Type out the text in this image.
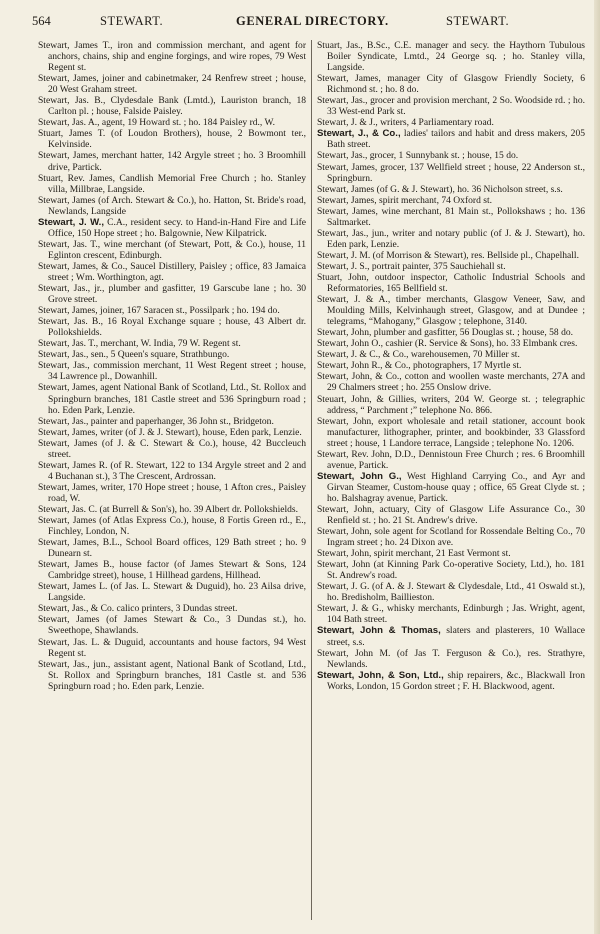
564	STEWART.	GENERAL DIRECTORY.	STEWART.

Stewart, James T., iron and commission merchant, and agent for anchors, chains, ship and engine forgings, and wire ropes, 79 West Regent st.

Stewart, James, joiner and cabinetmaker, 24 Renfrew street ; house, 20 West Graham street.

Stewart, Jas. B., Clydesdale Bank (Lmtd.), Lauriston branch, 18 Carlton pl. ; house, Falside Paisley.

Stewart, Jas. A., agent, 19 Howard st. ; ho. 184 Paisley rd., W.

Stuart, James T. (of Loudon Brothers), house, 2 Bowmont ter., Kelvinside.

Stewart, James, merchant hatter, 142 Argyle street ; ho. 3 Broomhill drive, Partick.

Stuart, Rev. James, Candlish Memorial Free Church ; ho. Stanley villa, Millbrae, Langside.

Stewart, James (of Arch. Stewart & Co.), ho. Hatton, St. Bride's road, Newlands, Langside

Stewart, J. W., C.A., resident secy. to Hand-in-Hand Fire and Life Office, 150 Hope street ; ho. Balgownie, New Kilpatrick.

Stewart, Jas. T., wine merchant (of Stewart, Pott, & Co.), house, 11 Eglinton crescent, Edinburgh.

Stewart, James, & Co., Saucel Distillery, Paisley ; office, 83 Jamaica street ; Wm. Worthington, agt.

Stewart, Jas., jr., plumber and gasfitter, 19 Garscube lane ; ho. 30 Grove street.

Stewart, James, joiner, 167 Saracen st., Possilpark ; ho. 194 do.

Stewart, Jas. B., 16 Royal Exchange square ; house, 43 Albert dr. Pollokshields.

Stewart, Jas. T., merchant, W. India, 79 W. Regent st.

Stewart, Jas., sen., 5 Queen's square, Strathbungo.

Stewart, Jas., commission merchant, 11 West Regent street ; house, 34 Lawrence pl., Dowanhill.

Stewart, James, agent National Bank of Scotland, Ltd., St. Rollox and Springburn branches, 181 Castle street and 536 Springburn road ; ho. Eden Park, Lenzie.

Stewart, Jas., painter and paperhanger, 36 John st., Bridgeton.

Stewart, James, writer (of J. & J. Stewart), house, Eden park, Lenzie.

Stewart, James (of J. & C. Stewart & Co.), house, 42 Buccleuch street.

Stewart, James R. (of R. Stewart, 122 to 134 Argyle street and 2 and 4 Buchanan st.), 3 The Crescent, Ardrossan.

Stewart, James, writer, 170 Hope street ; house, 1 Afton cres., Paisley road, W.

Stewart, Jas. C. (at Burrell & Son's), ho. 39 Albert dr. Pollokshields.

Stewart, James (of Atlas Express Co.), house, 8 Fortis Green rd., E., Finchley, London, N.

Stewart, James, B.L., School Board offices, 129 Bath street ; ho. 9 Dunearn st.

Stewart, James B., house factor (of James Stewart & Sons, 124 Cambridge street), house, 1 Hillhead gardens, Hillhead.

Stewart, James L. (of Jas. L. Stewart & Duguid), ho. 23 Ailsa drive, Langside.

Stewart, Jas., & Co. calico printers, 3 Dundas street.

Stewart, James (of James Stewart & Co., 3 Dundas st.), ho. Sweethope, Shawlands.

Stewart, Jas. L. & Duguid, accountants and house factors, 94 West Regent st.

Stewart, Jas., jun., assistant agent, National Bank of Scotland, Ltd., St. Rollox and Springburn branches, 181 Castle st. and 536 Springburn road ; ho. Eden park, Lenzie.

Stuart, Jas., B.Sc., C.E. manager and secy. the Haythorn Tubulous Boiler Syndicate, Lmtd., 24 George sq. ; ho. Stanley villa, Langside.

Stewart, James, manager City of Glasgow Friendly Society, 6 Richmond st. ; ho. 8 do.

Stewart, Jas., grocer and provision merchant, 2 So. Woodside rd. ; ho. 33 West-end Park st.

Stewart, J. & J., writers, 4 Parliamentary road.

Stewart, J., & Co., ladies' tailors and habit and dress makers, 205 Bath street.

Stewart, Jas., grocer, 1 Sunnybank st. ; house, 15 do.

Stewart, James, grocer, 137 Wellfield street ; house, 22 Anderson st., Springburn.

Stewart, James (of G. & J. Stewart), ho. 36 Nicholson street, s.s.

Stewart, James, spirit merchant, 74 Oxford st.

Stewart, James, wine merchant, 81 Main st., Pollokshaws ; ho. 136 Saltmarket.

Stewart, Jas., jun., writer and notary public (of J. & J. Stewart), ho. Eden park, Lenzie.

Stewart, J. M. (of Morrison & Stewart), res. Bellside pl., Chapelhall.

Stewart, J. S., portrait painter, 375 Sauchiehall st.

Stuart, John, outdoor inspector, Catholic Industrial Schools and Reformatories, 165 Bellfield st.

Stewart, J. & A., timber merchants, Glasgow Veneer, Saw, and Moulding Mills, Kelvinhaugh street, Glasgow, and at Dundee ; telegrams, “Mahogany,” Glasgow ; telephone, 3140.

Stewart, John, plumber and gasfitter, 56 Douglas st. ; house, 58 do.

Stewart, John O., cashier (R. Service & Sons), ho. 33 Elmbank cres.

Stewart, J. & C., & Co., warehousemen, 70 Miller st.

Stewart, John R., & Co., photographers, 17 Myrtle st.

Stewart, John, & Co., cotton and woollen waste merchants, 27A and 29 Chalmers street ; ho. 255 Onslow drive.

Steuart, John, & Gillies, writers, 204 W. George st. ; telegraphic address, “ Parchment ;” telephone No. 866.

Stewart, John, export wholesale and retail stationer, account book manufacturer, lithographer, printer, and bookbinder, 33 Glassford street ; house, 1 Landore terrace, Langside ; telephone No. 1206.

Stewart, Rev. John, D.D., Dennistoun Free Church ; res. 6 Broomhill avenue, Partick.

Stewart, John G., West Highland Carrying Co., and Ayr and Girvan Steamer, Custom-house quay ; office, 65 Great Clyde st. ; ho. Balshagray avenue, Partick.

Stewart, John, actuary, City of Glasgow Life Assurance Co., 30 Renfield st. ; ho. 21 St. Andrew's drive.

Stewart, John, sole agent for Scotland for Rossendale Belting Co., 70 Ingram street ; ho. 24 Dixon ave.

Stewart, John, spirit merchant, 21 East Vermont st.

Stewart, John (at Kinning Park Co-operative Society, Ltd.), ho. 181 St. Andrew's road.

Stewart, J. G. (of A. & J. Stewart & Clydesdale, Ltd., 41 Oswald st.), ho. Bredisholm, Baillieston.

Stewart, J. & G., whisky merchants, Edinburgh ; Jas. Wright, agent, 104 Bath street.

Stewart, John & Thomas, slaters and plasterers, 10 Wallace street, s.s.

Stewart, John M. (of Jas T. Ferguson & Co.), res. Strathyre, Newlands.

Stewart, John, & Son, Ltd., ship repairers, &c., Blackwall Iron Works, London, 15 Gordon street ; F. H. Blackwood, agent.
